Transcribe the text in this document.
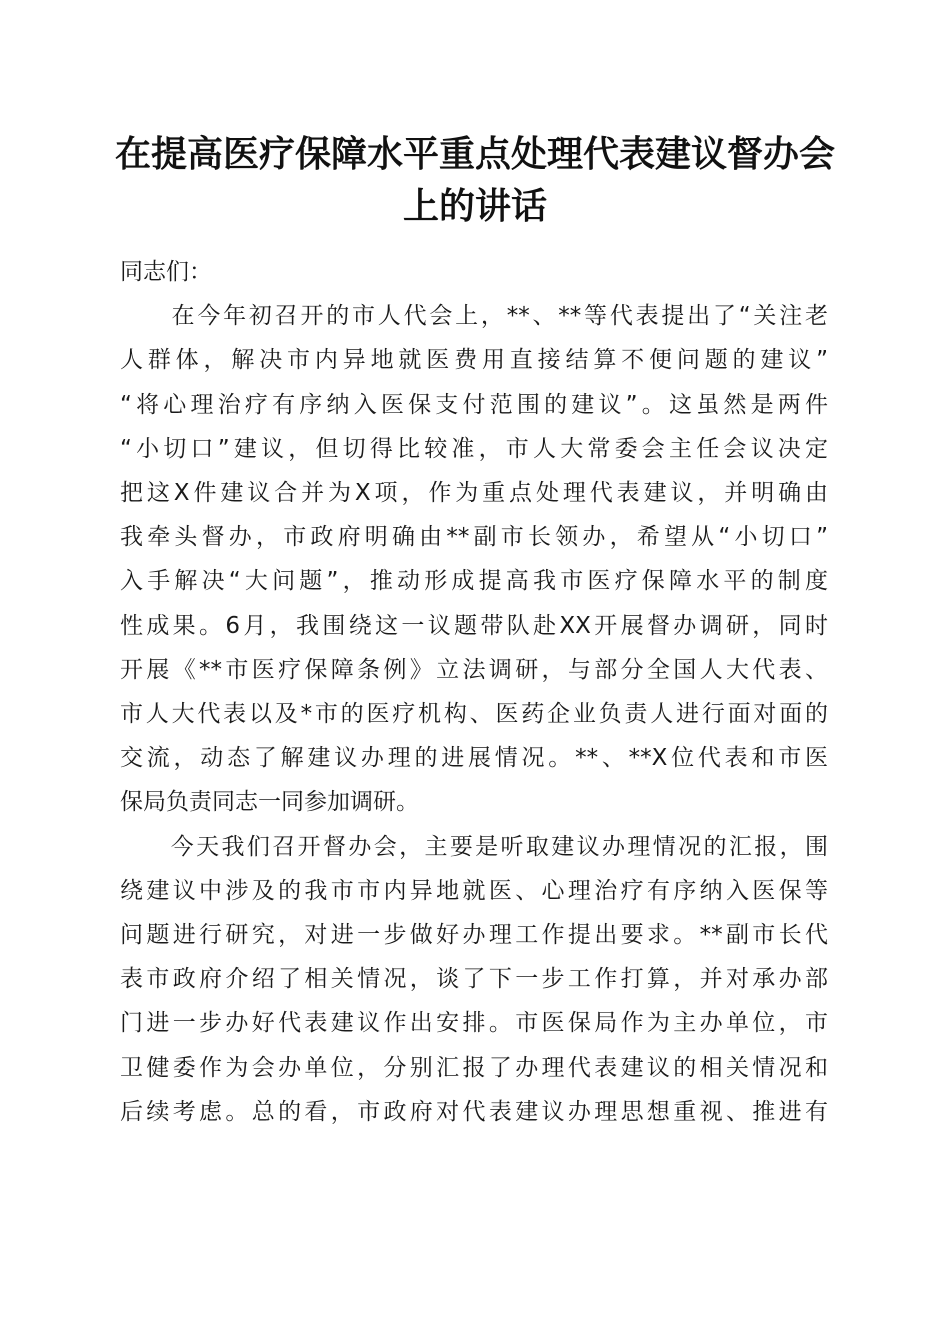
在提高医疗保障水平重点处理代表建议督办会
上的讲话

同志们：

　　在今年初召开的市人代会上，**、**等代表提出了“关注老
人群体，解决市内异地就医费用直接结算不便问题的建议”
“将心理治疗有序纳入医保支付范围的建议”。这虽然是两件
“小切口”建议，但切得比较准，市人大常委会主任会议决定
把这X件建议合并为X项，作为重点处理代表建议，并明确由
我牵头督办，市政府明确由**副市长领办，希望从“小切口”
入手解决“大问题”，推动形成提高我市医疗保障水平的制度
性成果。6月，我围绕这一议题带队赴XX开展督办调研，同时
开展《**市医疗保障条例》立法调研，与部分全国人大代表、
市人大代表以及*市的医疗机构、医药企业负责人进行面对面的
交流，动态了解建议办理的进展情况。**、**X位代表和市医
保局负责同志一同参加调研。

　　今天我们召开督办会，主要是听取建议办理情况的汇报，围
绕建议中涉及的我市市内异地就医、心理治疗有序纳入医保等
问题进行研究，对进一步做好办理工作提出要求。**副市长代
表市政府介绍了相关情况，谈了下一步工作打算，并对承办部
门进一步办好代表建议作出安排。市医保局作为主办单位，市
卫健委作为会办单位，分别汇报了办理代表建议的相关情况和
后续考虑。总的看，市政府对代表建议办理思想重视、推进有
